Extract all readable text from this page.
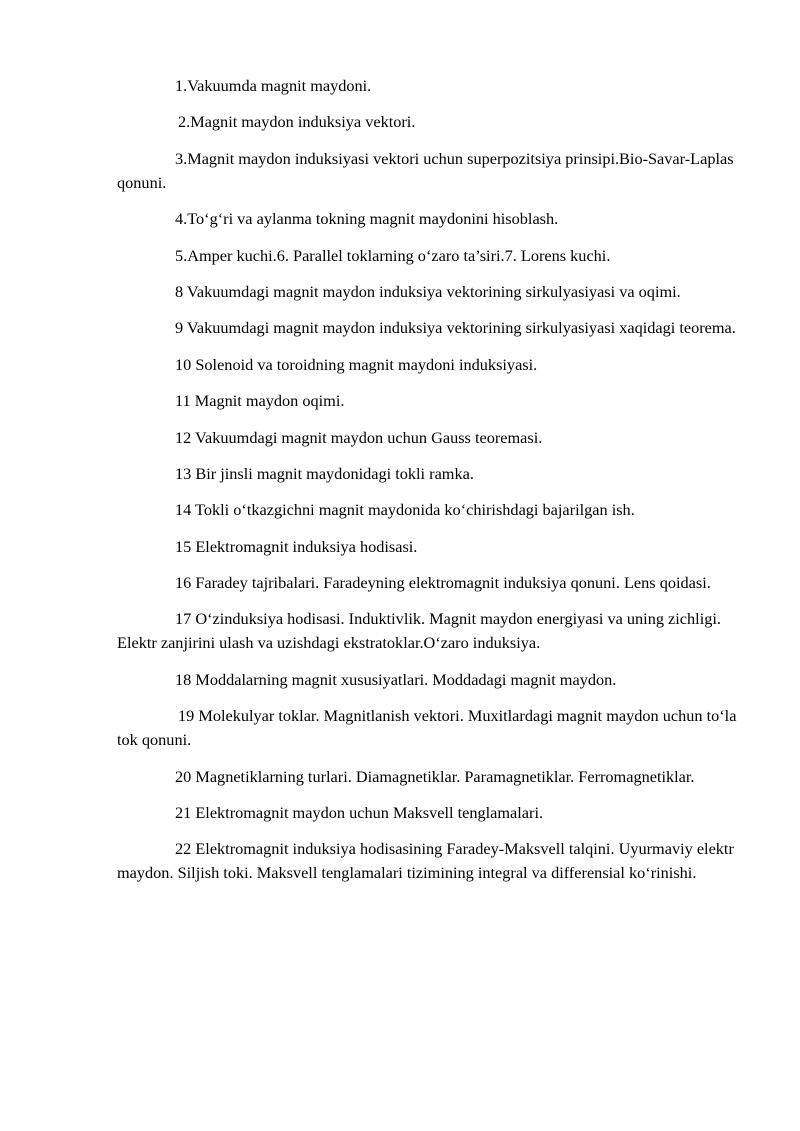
1.Vakuumda magnit maydoni.

2.Magnit maydon induksiya vektori.

3.Magnit maydon induksiyasi vektori uchun superpozitsiya prinsipi.Bio-Savar-Laplas qonuni.

4.To‘g‘ri va aylanma tokning magnit maydonini hisoblash.

5.Amper kuchi.6. Parallel toklarning o‘zaro ta’siri.7. Lorens kuchi.

8 Vakuumdagi magnit maydon induksiya vektorining sirkulyasiyasi va oqimi.

9 Vakuumdagi magnit maydon induksiya vektorining sirkulyasiyasi xaqidagi teorema.

10 Solenoid va toroidning magnit maydoni induksiyasi.

11 Magnit maydon oqimi.

12 Vakuumdagi magnit maydon uchun Gauss teoremasi.

13 Bir jinsli magnit maydonidagi tokli ramka.

14 Tokli o‘tkazgichni magnit maydonida ko‘chirishdagi bajarilgan ish.

15 Elektromagnit induksiya hodisasi.

16 Faradey tajribalari. Faradeyning elektromagnit induksiya qonuni. Lens qoidasi.

17 O‘zinduksiya hodisasi. Induktivlik. Magnit maydon energiyasi va uning zichligi. Elektr zanjirini ulash va uzishdagi ekstratoklar.O‘zaro induksiya.

18 Moddalarning magnit xususiyatlari. Moddadagi magnit maydon.

19 Molekulyar toklar. Magnitlanish vektori. Muxitlardagi magnit maydon uchun to‘la tok qonuni.

20 Magnetiklarning turlari. Diamagnetiklar. Paramagnetiklar. Ferromagnetiklar.

21 Elektromagnit maydon uchun Maksvell tenglamalari.

22 Elektromagnit induksiya hodisasining Faradey-Maksvell talqini. Uyurmaviy elektr maydon. Siljish toki. Maksvell tenglamalari tizimining integral va differensial ko‘rinishi.
